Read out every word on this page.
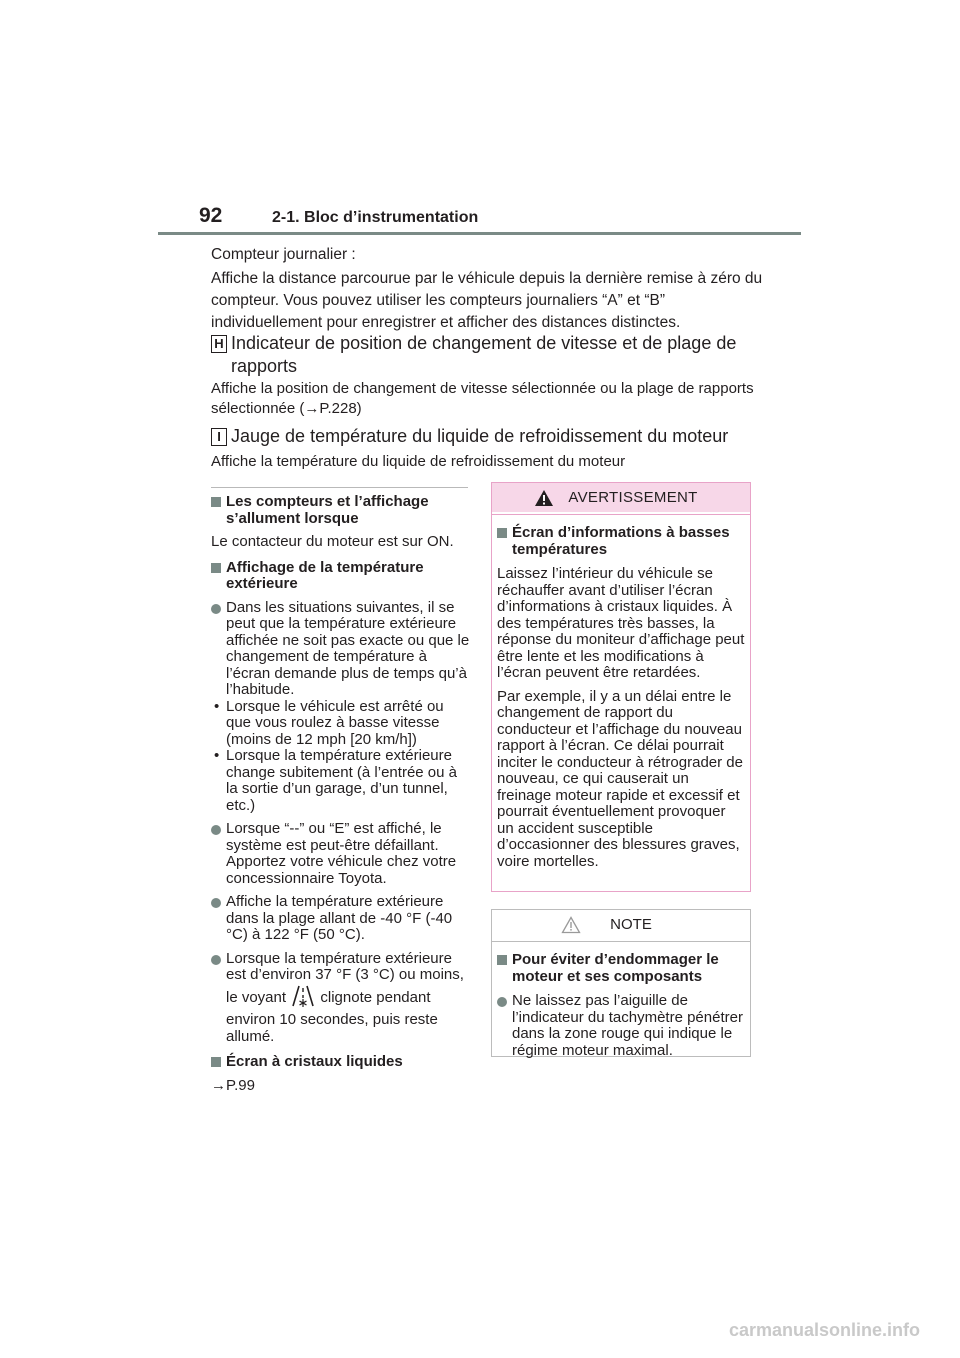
92	2-1. Bloc d’instrumentation

Compteur journalier :

Affiche la distance parcourue par le véhicule depuis la dernière remise à zéro du compteur. Vous pouvez utiliser les compteurs journaliers “A” et “B” individuellement pour enregistrer et afficher des distances distinctes.

H Indicateur de position de changement de vitesse et de plage de rapports
Affiche la position de changement de vitesse sélectionnée ou la plage de rapports sélectionnée (→P.228)
I Jauge de température du liquide de refroidissement du moteur
Affiche la température du liquide de refroidissement du moteur
Les compteurs et l’affichage s’allument lorsque
Le contacteur du moteur est sur ON.
Affichage de la température extérieure
Dans les situations suivantes, il se peut que la température extérieure affichée ne soit pas exacte ou que le changement de température à l’écran demande plus de temps qu’à l’habitude.
• Lorsque le véhicule est arrêté ou que vous roulez à basse vitesse (moins de 12 mph [20 km/h])
• Lorsque la température extérieure change subitement (à l’entrée ou à la sortie d’un garage, d’un tunnel, etc.)
Lorsque “--” ou “E” est affiché, le système est peut-être défaillant. Apportez votre véhicule chez votre concessionnaire Toyota.
Affiche la température extérieure dans la plage allant de -40 °F (-40 °C) à 122 °F (50 °C).
Lorsque la température extérieure est d’environ 37 °F (3 °C) ou moins, le voyant clignote pendant environ 10 secondes, puis reste allumé.
Écran à cristaux liquides
→P.99
AVERTISSEMENT
Écran d’informations à basses températures

Laissez l’intérieur du véhicule se réchauffer avant d’utiliser l’écran d’informations à cristaux liquides. À des températures très basses, la réponse du moniteur d’affichage peut être lente et les modifications à l’écran peuvent être retardées.

Par exemple, il y a un délai entre le changement de rapport du conducteur et l’affichage du nouveau rapport à l’écran. Ce délai pourrait inciter le conducteur à rétrograder de nouveau, ce qui causerait un freinage moteur rapide et excessif et pourrait éventuellement provoquer un accident susceptible d’occasionner des blessures graves, voire mortelles.

NOTE
Pour éviter d’endommager le moteur et ses composants
Ne laissez pas l’aiguille de l’indicateur du tachymètre pénétrer dans la zone rouge qui indique le régime moteur maximal.
carmanualsonline.info
